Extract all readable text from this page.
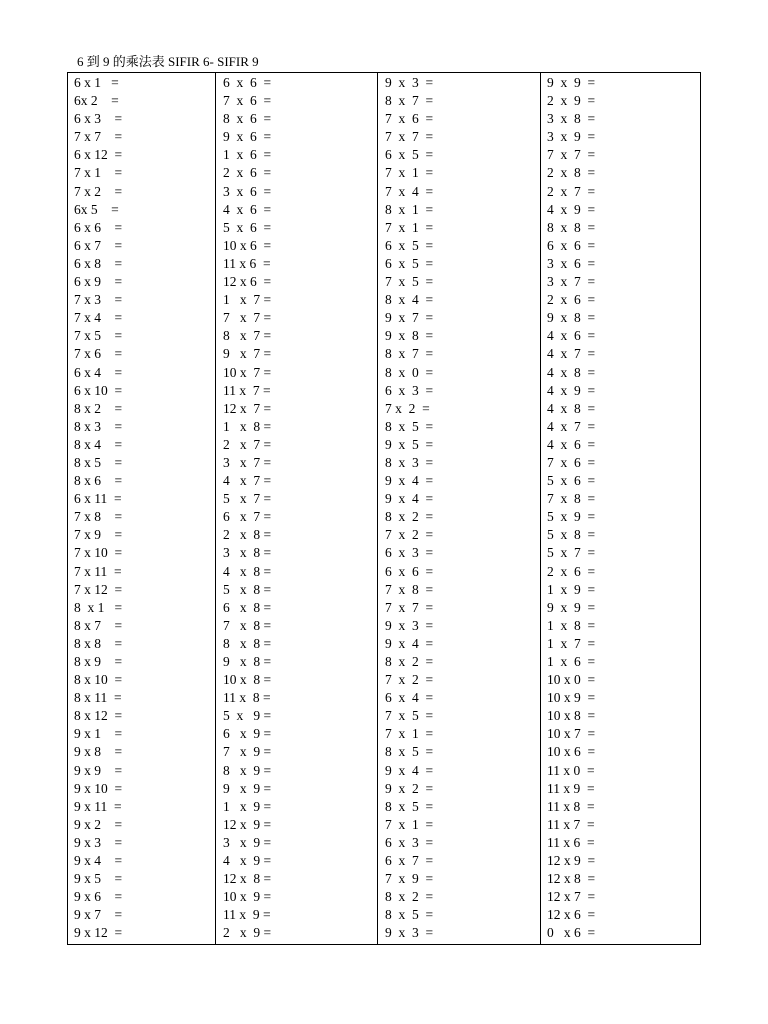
6 到 9 的乘法表 SIFIR 6- SIFIR 9
6 x 1   =
6x 2    =
6 x 3    =
7 x 7    =
6 x 12  =
7 x 1    =
7 x 2    =
6x 5    =
6 x 6    =
6 x 7    =
6 x 8    =
6 x 9    =
7 x 3    =
7 x 4    =
7 x 5    =
7 x 6    =
6 x 4    =
6 x 10  =
8 x 2    =
8 x 3    =
8 x 4    =
8 x 5    =
8 x 6    =
6 x 11  =
7 x 8    =
7 x 9    =
7 x 10  =
7 x 11  =
7 x 12  =
8  x 1   =
8 x 7    =
8 x 8    =
8 x 9    =
8 x 10  =
8 x 11  =
8 x 12  =
9 x 1    =
9 x 8    =
9 x 9    =
9 x 10  =
9 x 11  =
9 x 2    =
9 x 3    =
9 x 4    =
9 x 5    =
9 x 6    =
9 x 7    =
9 x 12  =
6  x  6  =
7  x  6  =
8  x  6  =
9  x  6  =
1  x  6  =
2  x  6  =
3  x  6  =
4  x  6  =
5  x  6  =
10 x 6  =
11 x 6  =
12 x 6  =
1   x  7 =
7   x  7 =
8   x  7 =
9   x  7 =
10 x  7 =
11 x  7 =
12 x  7 =
1   x  8 =
2   x  7 =
3   x  7 =
4   x  7 =
5   x  7 =
6   x  7 =
2   x  8 =
3   x  8 =
4   x  8 =
5   x  8 =
6   x  8 =
7   x  8 =
8   x  8 =
9   x  8 =
10 x  8 =
11 x  8 =
5  x   9 =
6   x  9 =
7   x  9 =
8   x  9 =
9   x  9 =
1   x  9 =
12 x  9 =
3   x  9 =
4   x  9 =
12 x  8 =
10 x  9 =
11 x  9 =
2   x  9 =
9  x  3  =
8  x  7  =
7  x  6  =
7  x  7  =
6  x  5  =
7  x  1  =
7  x  4  =
8  x  1  =
7  x  1  =
6  x  5  =
6  x  5  =
7  x  5  =
8  x  4  =
9  x  7  =
9  x  8  =
8  x  7  =
8  x  0  =
6  x  3  =
7 x  2  =
8  x  5  =
9  x  5  =
8  x  3  =
9  x  4  =
9  x  4  =
8  x  2  =
7  x  2  =
6  x  3  =
6  x  6  =
7  x  8  =
7  x  7  =
9  x  3  =
9  x  4  =
8  x  2  =
7  x  2  =
6  x  4  =
7  x  5  =
7  x  1  =
8  x  5  =
9  x  4  =
9  x  2  =
8  x  5  =
7  x  1  =
6  x  3  =
6  x  7  =
7  x  9  =
8  x  2  =
8  x  5  =
9  x  3  =
9  x  9  =
2  x  9  =
3  x  8  =
3  x  9  =
7  x  7  =
2  x  8  =
2  x  7  =
4  x  9  =
8  x  8  =
6  x  6  =
3  x  6  =
3  x  7  =
2  x  6  =
9  x  8  =
4  x  6  =
4  x  7  =
4  x  8  =
4  x  9  =
4  x  8  =
4  x  7  =
4  x  6  =
7  x  6  =
5  x  6  =
7  x  8  =
5  x  9  =
5  x  8  =
5  x  7  =
2  x  6  =
1  x  9  =
9  x  9  =
1  x  8  =
1  x  7  =
1  x  6  =
10 x 0  =
10 x 9  =
10 x 8  =
10 x 7  =
10 x 6  =
11 x 0  =
11 x 9  =
11 x 8  =
11 x 7  =
11 x 6  =
12 x 9  =
12 x 8  =
12 x 7  =
12 x 6  =
0   x 6  =
